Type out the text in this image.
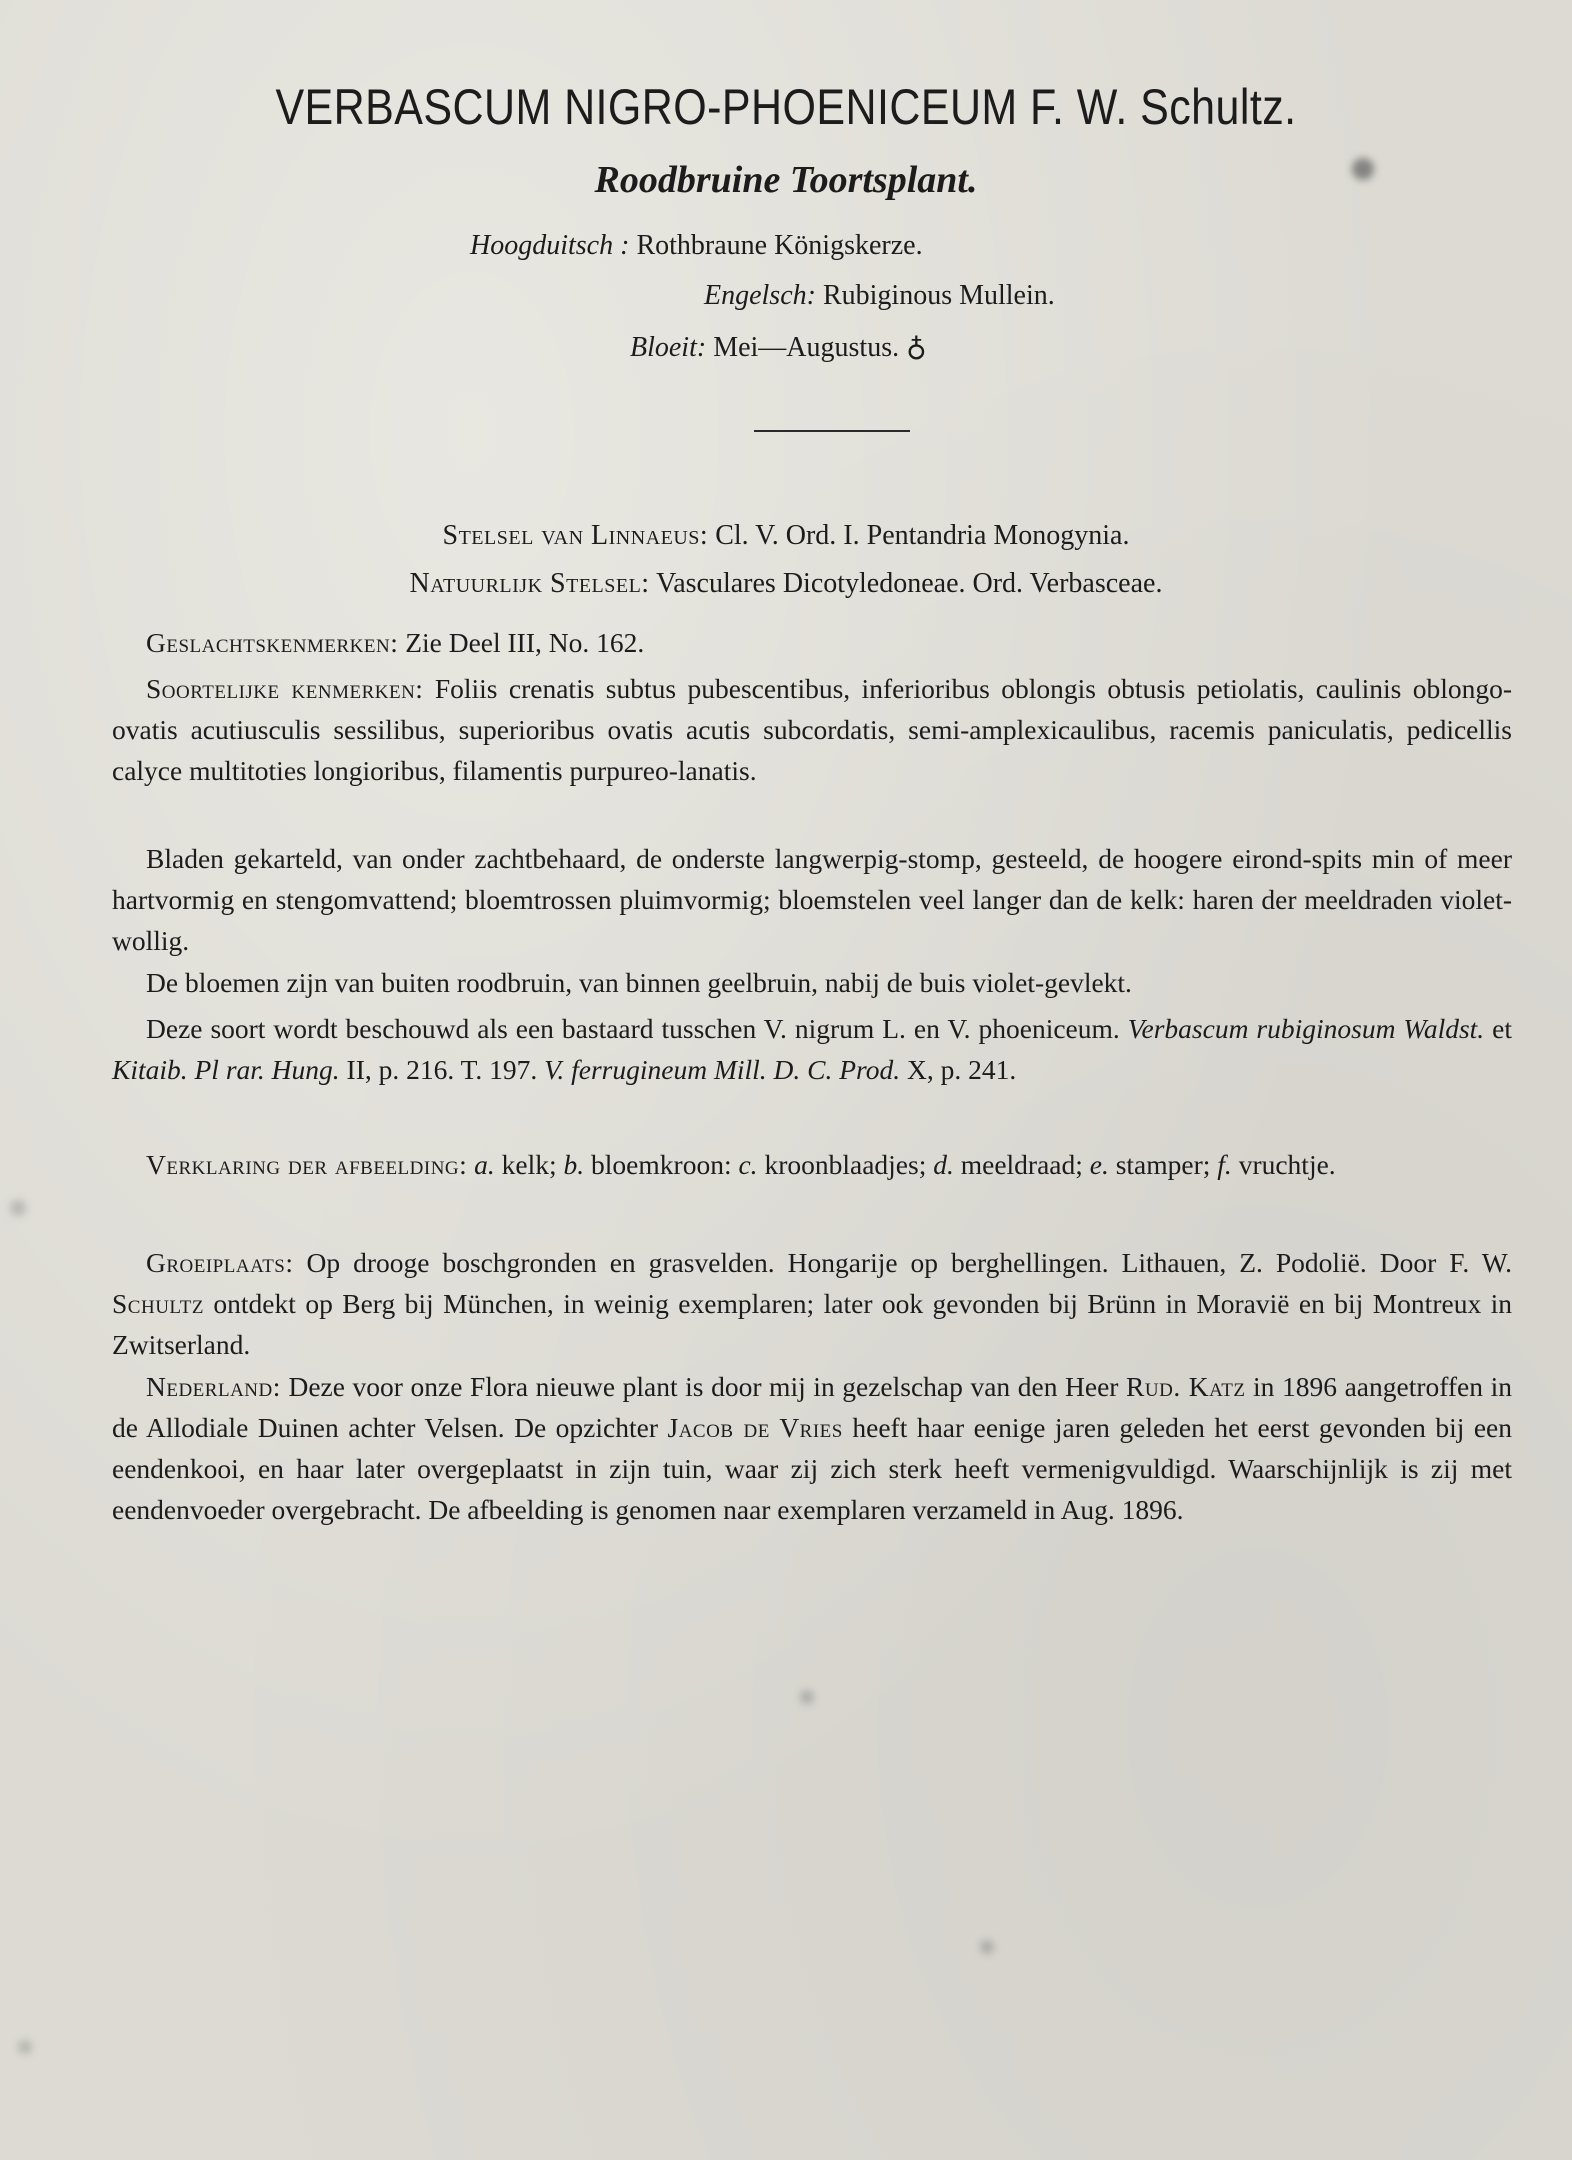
VERBASCUM NIGRO-PHOENICEUM F. W. Schultz.
Roodbruine Toortsplant.
Hoogduitsch : Rothbraune Königskerze.
Engelsch: Rubiginous Mullein.
Bloeit: Mei—Augustus. ♁

Stelsel van Linnaeus: Cl. V. Ord. I. Pentandria Monogynia.

Natuurlijk Stelsel: Vasculares Dicotyledoneae. Ord. Verbasceae.

Geslachtskenmerken: Zie Deel III, No. 162.

Soortelijke kenmerken: Foliis crenatis subtus pubescentibus, inferioribus oblongis obtusis petiolatis, caulinis oblongo-ovatis acutiusculis sessilibus, superioribus ovatis acutis subcordatis, semi-amplexicaulibus, racemis paniculatis, pedicellis calyce multitoties longioribus, filamentis purpureo-lanatis.

Bladen gekarteld, van onder zachtbehaard, de onderste langwerpig-stomp, gesteeld, de hoogere eirond-spits min of meer hartvormig en stengomvattend; bloemtrossen pluimvormig; bloemstelen veel langer dan de kelk: haren der meeldraden violet-wollig.

De bloemen zijn van buiten roodbruin, van binnen geelbruin, nabij de buis violet-gevlekt.

Deze soort wordt beschouwd als een bastaard tusschen V. nigrum L. en V. phoeniceum. Verbascum rubiginosum Waldst. et Kitaib. Pl rar. Hung. II, p. 216. T. 197. V. ferrugineum Mill. D. C. Prod. X, p. 241.

Verklaring der afbeelding: a. kelk; b. bloemkroon: c. kroonblaadjes; d. meeldraad; e. stamper; f. vruchtje.

Groeiplaats: Op drooge boschgronden en grasvelden. Hongarije op berghellingen. Lithauen, Z. Podolië. Door F. W. Schultz ontdekt op Berg bij München, in weinig exemplaren; later ook gevonden bij Brünn in Moravië en bij Montreux in Zwitserland.

Nederland: Deze voor onze Flora nieuwe plant is door mij in gezelschap van den Heer Rud. Katz in 1896 aangetroffen in de Allodiale Duinen achter Velsen. De opzichter Jacob de Vries heeft haar eenige jaren geleden het eerst gevonden bij een eendenkooi, en haar later overgeplaatst in zijn tuin, waar zij zich sterk heeft vermenigvuldigd. Waarschijnlijk is zij met eendenvoeder overgebracht. De afbeelding is genomen naar exemplaren verzameld in Aug. 1896.
